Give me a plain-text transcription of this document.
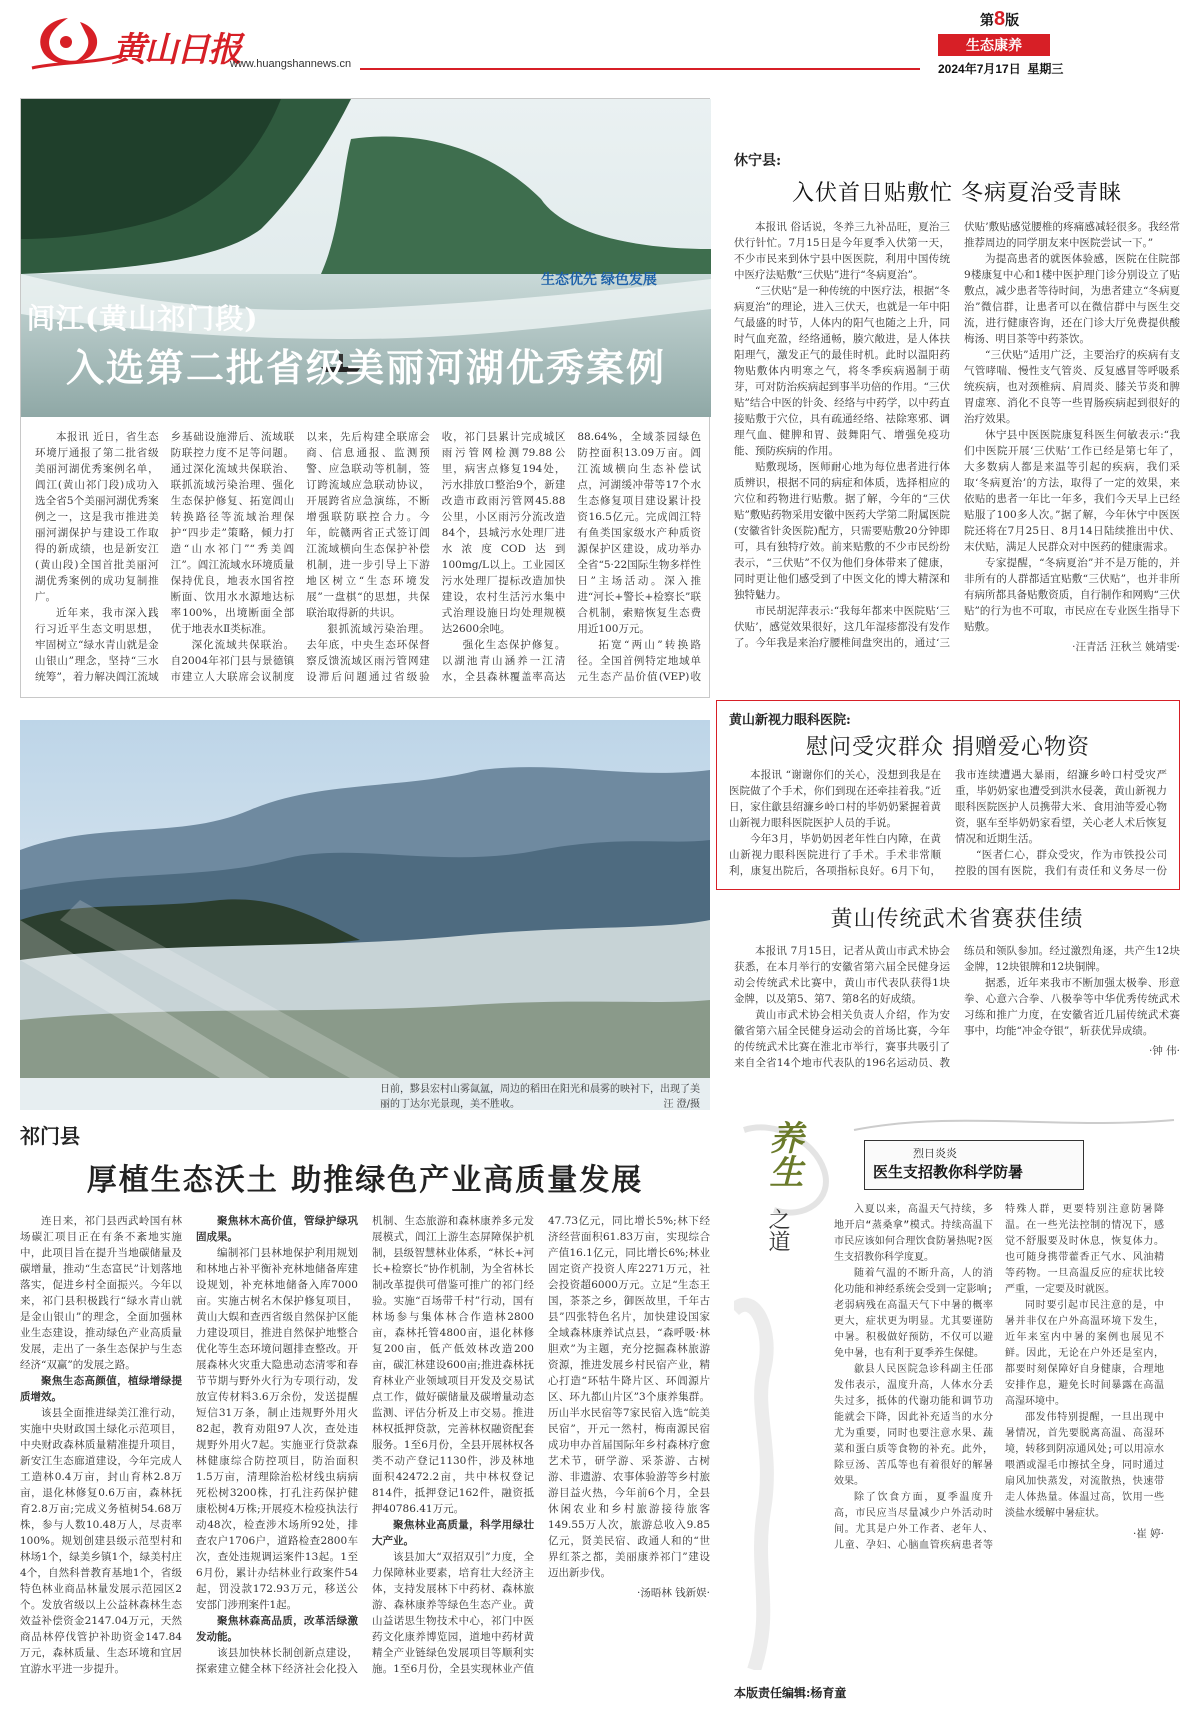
黄山日报
www.huangshannews.cn
第8版
生态康养
2024年7月17日 星期三
生态优先 绿色发展
闾江(黄山祁门段)
入选第二批省级美丽河湖优秀案例

本报讯 近日，省生态环境厅通报了第二批省级美丽河湖优秀案例名单，阊江(黄山祁门段)成功入选全省5个美丽河湖优秀案例之一，这是我市推进美丽河湖保护与建设工作取得的新成绩，也是新安江(黄山段)全国首批美丽河湖优秀案例的成功复制推广。

近年来，我市深入践行习近平生态文明思想，牢固树立“绿水青山就是金山银山”理念，坚持“三水统筹”，着力解决阊江流域乡基础设施滞后、流域联防联控力度不足等问题。通过深化流域共保联治、联抓流域污染治理、强化生态保护修复、拓宽阊山转换路径等流域治理保护“四步走”策略，倾力打造“山水祁门”“秀美阊江”。阊江流域水环境质量保持优良，地表水国省控断面、饮用水水源地达标率100%，出境断面全部优于地表水Ⅱ类标准。

深化流域共保联治。自2004年祁门县与景德镇市建立人大联席会议制度以来，先后构建全联席会商、信息通报、监测预警、应急联动等机制，签订跨流域应急联动协议，开展跨省应急演练，不断增强联防联控合力。今年，皖赣两省正式签订阊江流域横向生态保护补偿机制，进一步引导上下游地区树立“生态环境发展”一盘棋“的思想，共保联治取得新的共识。

狠抓流域污染治理。去年底，中央生态环保督察反馈流域区雨污管网建设滞后问题通过省级验收，祁门县累计完成城区雨污管网检测79.88公里，病害点修复194处，污水排放口整治9个，新建改造市政雨污管网45.88公里，小区雨污分流改造84个，县城污水处理厂进水浓度COD达到100mg/L以上。工业园区污水处理厂提标改造加快建设，农村生活污水集中式治理设施日均处理规模达2600余吨。

强化生态保护修复。以湖池青山涵养一江清水，全县森林覆盖率高达88.64%，全域茶园绿色防控面积13.09万亩。阊江流域横向生态补偿试点，河湖缓冲带等17个水生态修复项目建设累计投资16.5亿元。完成阊江特有鱼类国家级水产种质资源保护区建设，成功举办全省“5·22国际生物多样性日”主场活动。深入推进“河长+警长+检察长”联合机制，索赔恢复生态费用近100万元。

拓宽“两山”转换路径。全国首例特定地域单元生态产品价值(VEP)收

日前，黟县宏村山雾氤氲，周边的稻田在阳光和晨雾的映衬下，出现了美丽的丁达尔光景现，美不胜收。	汪 澄/摄
休宁县:
入伏首日贴敷忙 冬病夏治受青睐

本报讯 俗话说，冬养三九补品旺，夏治三伏行针忙。7月15日是今年夏季入伏第一天，不少市民来到休宁县中医医院，利用中国传统中医疗法贴敷“三伏贴”进行“冬病夏治”。

“三伏贴”是一种传统的中医疗法，根据“冬病夏治”的理论，进入三伏天，也就是一年中阳气最盛的时节，人体内的阳气也随之上升，同时气血充盈，经络通畅，腠穴敞进，是人体扶阳理气，激发正气的最佳时机。此时以温阳药物贴敷体内明寒之气，将冬季疾病遏制于萌芽，可对防治疾病起到事半功倍的作用。“三伏贴”结合中医的针灸、经络与中药学，以中药直接贴敷于穴位，具有疏通经络、祛除寒邪、调理气血、健脾和胃、鼓舞阳气、增强免疫功能、预防疾病的作用。

贴敷现场，医师耐心地为每位患者进行体质辨识，根据不同的病症和体质，选择相应的穴位和药物进行贴敷。据了解，今年的“三伏贴”敷贴药物采用安徽中医药大学第二附属医院(安徽省针灸医院)配方，只需要贴敷20分钟即可，具有独特疗效。前来贴敷的不少市民纷纷表示，“三伏贴”不仅为他们身体带来了健康，同时更让他们感受到了中医文化的博大精深和独特魅力。

市民胡泥萍表示:“我每年都来中医院贴‘三伏贴’，感觉效果很好，这几年湿疹都没有发作了。今年我是来治疗腰椎间盘突出的，通过‘三伏贴’敷贴感觉腰椎的疼痛感减轻很多。我经常推荐周边的同学朋友来中医院尝试一下。”

为提高患者的就医体验感，医院在住院部9楼康复中心和1楼中医护理门诊分别设立了贴敷点，减少患者等待时间，为患者建立“冬病夏治”微信群，让患者可以在微信群中与医生交流，进行健康咨询，还在门诊大厅免费提供酸梅汤、明目茶等中药茶饮。

“三伏贴”适用广泛，主要治疗的疾病有支气管哮喘、慢性支气管炎、反复感冒等呼吸系统疾病，也对颈椎病、肩周炎、膝关节炎和脾胃虚寒、消化不良等一些胃肠疾病起到很好的治疗效果。

休宁县中医医院康复科医生何敏表示:“我们中医院开展‘三伏贴’工作已经是第七年了，大多数病人都是来温等引起的疾病，我们采取‘冬病夏治’的方法，取得了一定的效果，来依贴的患者一年比一年多，我们今天早上已经贴服了100多人次。”据了解，今年休宁中医医院还将在7月25日、8月14日陆续推出中伏、末伏贴，满足人民群众对中医药的健康需求。

专家提醒，“冬病夏治”并不是万能的，并非所有的人群都适宜贴敷“三伏贴”，也并非所有病所都具备贴敷资质，自行制作和网购“三伏贴”的行为也不可取，市民应在专业医生指导下贴敷。

·汪青活 汪秋兰 姚靖雯·
黄山新视力眼科医院:
慰问受灾群众 捐赠爱心物资

本报讯 “谢谢你们的关心，没想到我是在医院做了个手术，你们到现在还牵挂着我。”近日，家住歙县绍濂乡岭口村的毕奶奶紧握着黄山新视力眼科医院医护人员的手说。

今年3月，毕奶奶因老年性白内障，在黄山新视力眼科医院进行了手术。手术非常顺利，康复出院后，各项指标良好。6月下旬，我市连续遭遇大暴雨，绍濂乡岭口村受灾严重，毕奶奶家也遭受到洪水侵袭，黄山新视力眼科医院医护人员携带大米、食用油等爱心物资，驱车至毕奶奶家看望，关心老人术后恢复情况和近期生活。

“医者仁心，群众受灾，作为市铁投公司控股的国有医院，我们有责任和义务尽一份

黄山传统武术省赛获佳绩

本报讯 7月15日，记者从黄山市武术协会获悉，在本月举行的安徽省第六届全民健身运动会传统武术比赛中，黄山市代表队获得1块金牌，以及第5、第7、第8名的好成绩。

黄山市武术协会相关负责人介绍，作为安徽省第六届全民健身运动会的首场比赛，今年的传统武术比赛在淮北市举行，赛事共吸引了来自全省14个地市代表队的196名运动员、教练员和领队参加。经过激烈角逐，共产生12块金牌，12块银牌和12块铜牌。

据悉，近年来我市不断加强太极拳、形意拳、心意六合拳、八极拳等中华优秀传统武术习练和推广力度，在安徽省近几届传统武术赛事中，均能“冲金夺银”，斩获优异成绩。

·钟 伟·
祁门县
厚植生态沃土 助推绿色产业高质量发展

连日来，祁门县西武岭国有林场碳汇项目正在有条不紊地实施中，此项目旨在提升当地碳储量及碳增量，推动“生态富民”计划落地落实，促进乡村全面振兴。今年以来，祁门县积极践行“绿水青山就是金山银山”的理念，全面加强林业生态建设，推动绿色产业高质量发展，走出了一条生态保护与生态经济“双赢”的发展之路。

聚焦生态高颜值，植绿增绿提质增效。

该县全面推进绿美江淮行动，实施中央财政国土绿化示范项目，中央财政森林质量精准提升项目，新安江生态廊道建设，今年完成人工造林0.4万亩，封山育林2.8万亩，退化林修复0.6万亩，森林抚育2.8万亩;完成义务植树54.68万株，参与人数10.48万人，尽责率100%。规划创建县级示范型村和林场1个，绿美乡镇1个，绿美村庄4个，自然科普教育基地1个，省级特色林业商品林量发展示范园区2个。发放省级以上公益林森林生态效益补偿资金2147.04万元，天然商品林停伐管护补助资金147.84万元，森林质量、生态环境和宜居宜游水平进一步提升。

聚焦林木高价值，管绿护绿巩固成果。

编制祁门县林地保护利用规划和林地占补平衡补充林地储备库建设规划，补充林地储备入库7000亩。实施古树名木保护修复项目，黄山大蜈和查西省级自然保护区能力建设项目，推进自然保护地整合优化等生态环境问题排查整改。开展森林火灾重大隐患动态清零和春节节期与野外火行为专项行动，发放宣传材料3.6万余份，发送提醒短信31万条，制止违规野外用火82起，教育劝阻97人次，查处违规野外用火7起。实施亚行贷款森林健康综合防控项目，防治面积1.5万亩，清理除治松材线虫病病死松树3200株，打孔注药保护健康松树4万株;开展疫木检疫执法行动48次，检查涉木场所92处，排查农户1706户，道路检查2800车次，查处违规调运案件13起。1至6月份，累计办结林业行政案件54起，罚没款172.93万元，移送公安部门涉刑案件1起。

聚焦林森高品质，改革活绿激发动能。

该县加快林长制创新点建设，探索建立健全林下经济社会化投入机制、生态旅游和森林康养多元发展模式，阊江上游生态屏障保护机制，县级智慧林业体系，“林长+河长+检察长”协作机制，为全省林长制改革提供可借鉴可推广的祁门经验。实施“百场带千村”行动，国有林场参与集体林合作造林2800亩，森林托管4800亩，退化林修复200亩，低产低效林改造200亩，碳汇林建设600亩;推进森林抚育林业产业领域项目开发及交易试点工作，做好碳储量及碳增量动态监测、评估分析及上市交易。推进林权抵押贷款，完善林权融资配套服务。1至6月份，全县开展林权各类不动产登记1130件，涉及林地面积42472.2亩，共中林权登记814件，抵押登记162件，融资抵押40786.41万元。

聚焦林业高质量，科学用绿壮大产业。

该县加大“双招双引”力度，全力保障林业要素，培育壮大经济主体，支持发展林下中药材、森林旅游、森林康养等绿色生态产业。黄山益诺思生物技术中心，祁门中医药文化康养博览园，道地中药材黄精全产业链绿色发展项目等顺利实施。1至6月份，全县实现林业产值47.73亿元，同比增长5%;林下经济经营面积61.83万亩，实现综合产值16.1亿元，同比增长6%;林业固定资产投资人库2271万元，社会投资超6000万元。立足“生态王国，茶茶之乡，御医故里，千年古县”四张特色名片，加快建设国家全域森林康养试点县，“森呼吸·林胆欢”为主题，充分挖掘森林旅游资源，推进发展乡村民宿产业，精心打造“环牯牛降片区、环阊源片区、环九都山片区”3个康养集群。历山半水民宿等7家民宿入选“皖美民宿”，开元一然村，梅南源民宿成功申办首届国际年乡村森林疗愈艺术节，研学游、采茶游、古树游、非遗游、农事体验游等乡村旅游目益火热，今年前6个月，全县休闲农业和乡村旅游接待旅客149.55万人次，旅游总收入9.85亿元，贤美民宿、政通人和的“世界红茶之都，美丽康养祁门”建设迈出新步伐。

·汤晤林 钱新娱·
养生
之道
烈日炎炎
医生支招教你科学防暑

入夏以来，高温天气持续，多地开启“蒸桑拿”模式。持续高温下市民应该如何合理饮食防暑热呢?医生支招教你科学度夏。

随着气温的不断升高，人的消化功能和神经系统会受到一定影响;老弱病残在高温天气下中暑的概率更大，症状更为明显。尤其要谨防中暑。积极做好预防，不仅可以避免中暑，也有利于夏季养生保健。

歙县人民医院急诊科副主任邵发伟表示，温度升高，人体水分丢失过多，抵体的代谢功能和调节功能就会下降，因此补充适当的水分尤为重要，同时也要注意水果、蔬菜和蛋白质等食物的补充。此外，除豆汤、苦瓜等也有着很好的解暑效果。

除了饮食方面，夏季温度升高，市民应当尽量减少户外活动时间。尤其是户外工作者、老年人、儿童、孕妇、心脑血管疾病患者等特殊人群，更要特别注意防暑降温。在一些光法控制的情况下，感觉不舒服要及时休息，恢复体力。也可随身携带藿香正气水、风油精等药物。一旦高温反应的症状比较严重，一定要及时就医。

同时要引起市民注意的是，中暑并非仅在户外高温环境下发生，近年来室内中暑的案例也展见不鲜。因此，无论在户外还是室内，都要时刻保障好自身健康，合理地安排作息，避免长时间暴露在高温高湿环境中。

邵发伟特别提醒，一旦出现中暑情况，首先要脱离高温、高湿环境，转移到阴凉通风处;可以用凉水喂酒或湿毛巾擦拭全身，同时通过扇风加快蒸发，对流散热，快速带走人体热量。体温过高，饮用一些淡盐水缓解中暑症状。

·崔 婷·
本版责任编辑:杨育童
